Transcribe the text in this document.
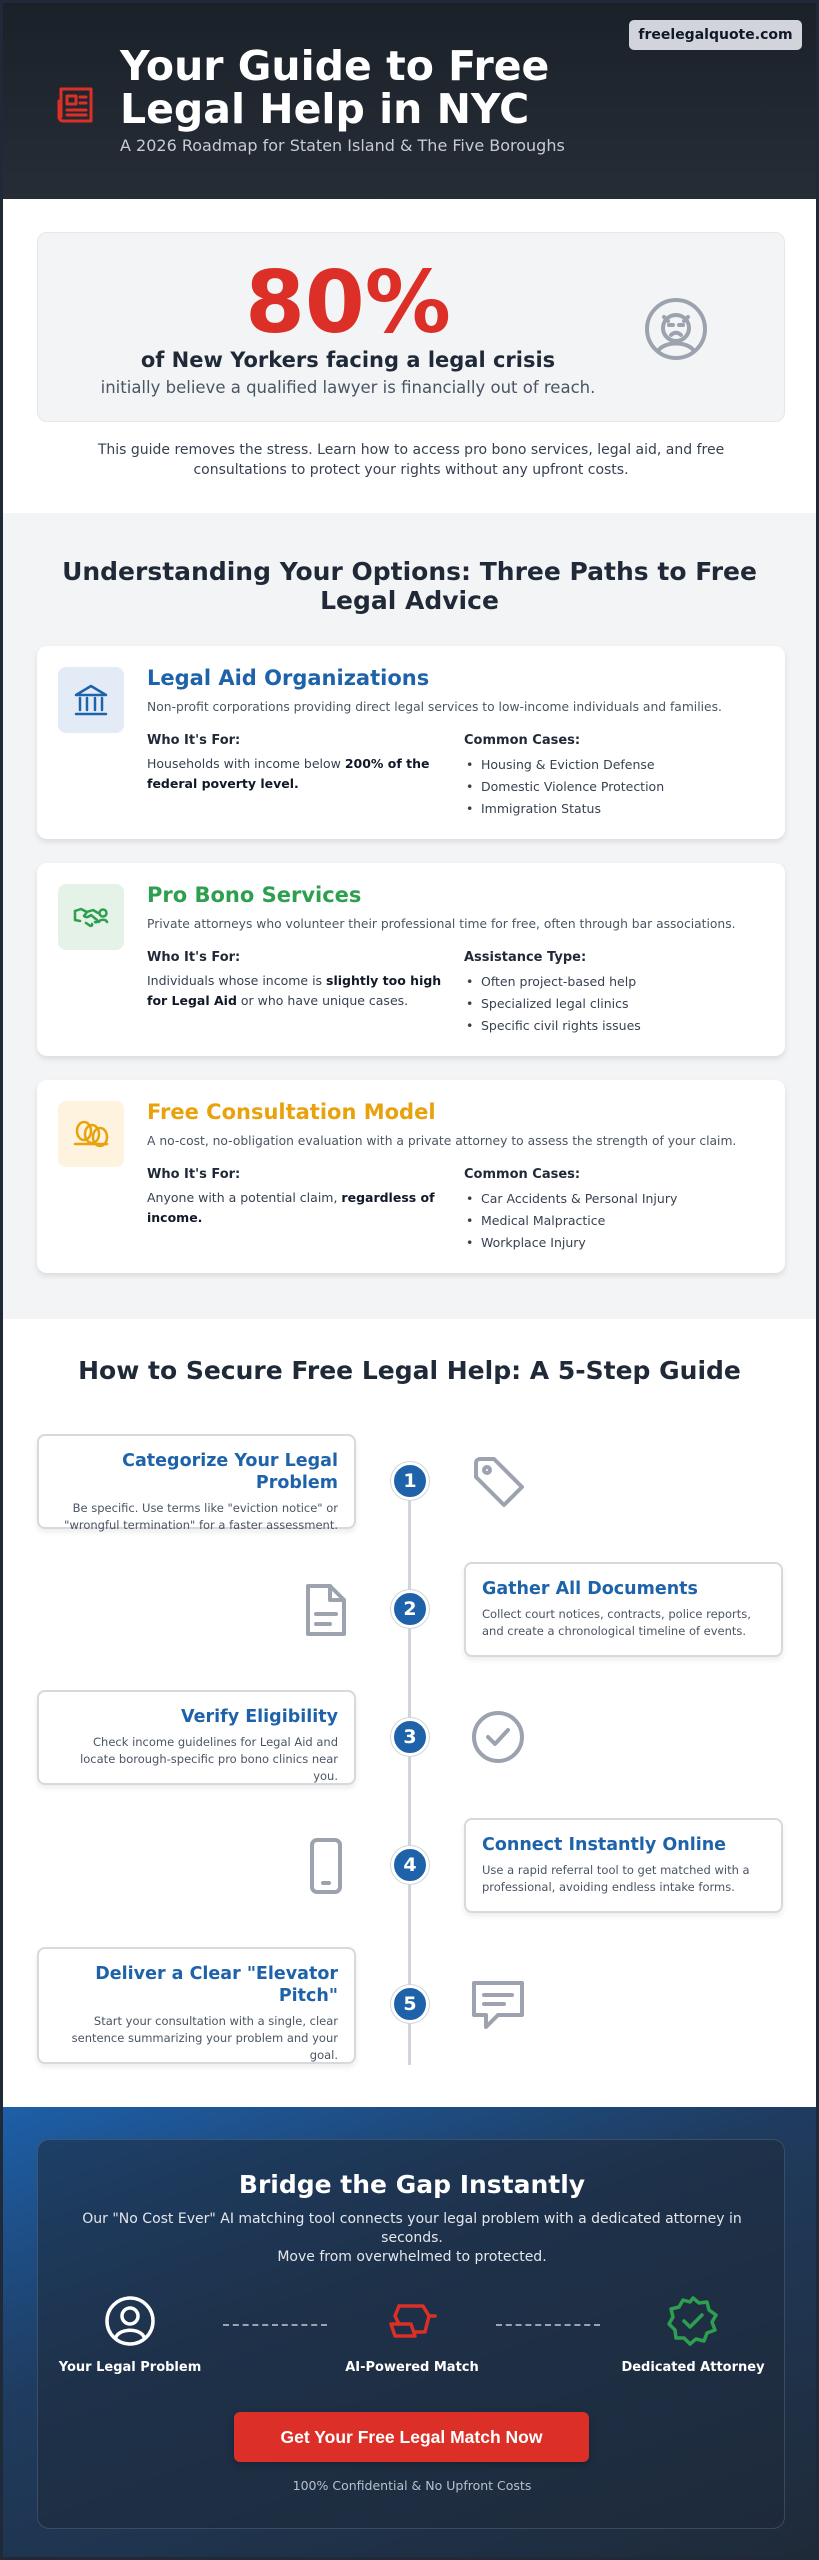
freelegalquote.com
Your Guide to Free Legal Help in NYC
A 2026 Roadmap for Staten Island & The Five Boroughs
80%
of New Yorkers facing a legal crisis
initially believe a qualified lawyer is financially out of reach.
This guide removes the stress. Learn how to access pro bono services, legal aid, and free consultations to protect your rights without any upfront costs.
Understanding Your Options: Three Paths to Free Legal Advice
Legal Aid Organizations
Non-profit corporations providing direct legal services to low-income individuals and families.
Who It's For:
Households with income below 200% of the federal poverty level.
Common Cases:
• Housing & Eviction Defense
• Domestic Violence Protection
• Immigration Status
Pro Bono Services
Private attorneys who volunteer their professional time for free, often through bar associations.
Who It's For:
Individuals whose income is slightly too high for Legal Aid or who have unique cases.
Assistance Type:
• Often project-based help
• Specialized legal clinics
• Specific civil rights issues
Free Consultation Model
A no-cost, no-obligation evaluation with a private attorney to assess the strength of your claim.
Who It's For:
Anyone with a potential claim, regardless of income.
Common Cases:
• Car Accidents & Personal Injury
• Medical Malpractice
• Workplace Injury
How to Secure Free Legal Help: A 5-Step Guide
Categorize Your Legal Problem
Be specific. Use terms like "eviction notice" or "wrongful termination" for a faster assessment.
1
Gather All Documents
Collect court notices, contracts, police reports, and create a chronological timeline of events.
2
Verify Eligibility
Check income guidelines for Legal Aid and locate borough-specific pro bono clinics near you.
3
Connect Instantly Online
Use a rapid referral tool to get matched with a professional, avoiding endless intake forms.
4
Deliver a Clear "Elevator Pitch"
Start your consultation with a single, clear sentence summarizing your problem and your goal.
5
Bridge the Gap Instantly
Our "No Cost Ever" AI matching tool connects your legal problem with a dedicated attorney in seconds.
Move from overwhelmed to protected.
Your Legal Problem	AI-Powered Match	Dedicated Attorney
Get Your Free Legal Match Now
100% Confidential & No Upfront Costs
